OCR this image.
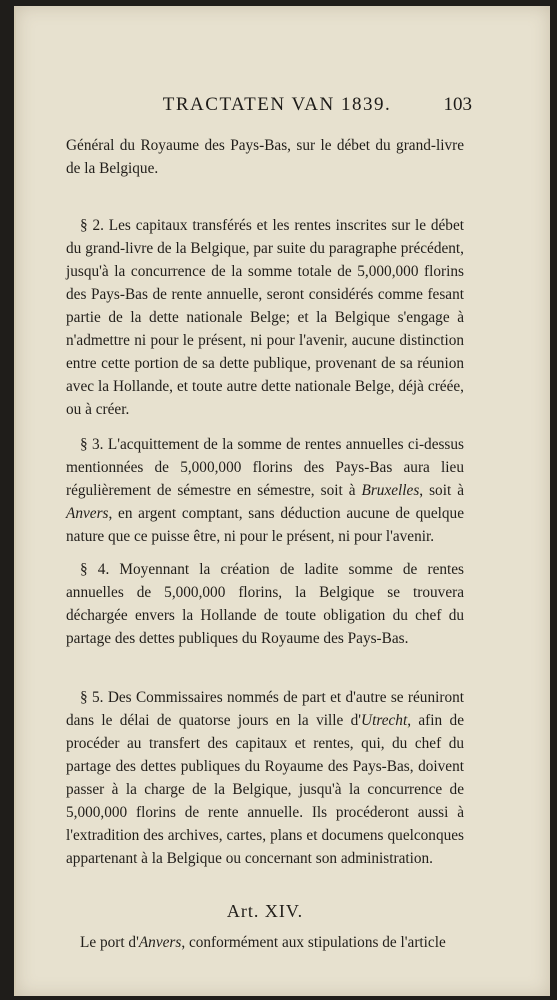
TRACTATEN VAN 1839.	103

Général du Royaume des Pays-Bas, sur le débet du grand-livre de la Belgique.

§ 2. Les capitaux transférés et les rentes inscrites sur le débet du grand-livre de la Belgique, par suite du paragraphe précédent, jusqu'à la concurrence de la somme totale de 5,000,000 florins des Pays-Bas de rente annuelle, seront considérés comme fesant partie de la dette nationale Belge; et la Belgique s'engage à n'admettre ni pour le présent, ni pour l'avenir, aucune distinction entre cette portion de sa dette publique, provenant de sa réunion avec la Hollande, et toute autre dette nationale Belge, déjà créée, ou à créer.

§ 3. L'acquittement de la somme de rentes annuelles ci-dessus mentionnées de 5,000,000 florins des Pays-Bas aura lieu régulièrement de sémestre en sémestre, soit à Bruxelles, soit à Anvers, en argent comptant, sans déduction aucune de quelque nature que ce puisse être, ni pour le présent, ni pour l'avenir.

§ 4. Moyennant la création de ladite somme de rentes annuelles de 5,000,000 florins, la Belgique se trouvera déchargée envers la Hollande de toute obligation du chef du partage des dettes publiques du Royaume des Pays-Bas.

§ 5. Des Commissaires nommés de part et d'autre se réuniront dans le délai de quatorse jours en la ville d'Utrecht, afin de procéder au transfert des capitaux et rentes, qui, du chef du partage des dettes publiques du Royaume des Pays-Bas, doivent passer à la charge de la Belgique, jusqu'à la concurrence de 5,000,000 florins de rente annuelle. Ils procéderont aussi à l'extradition des archives, cartes, plans et documens quelconques appartenant à la Belgique ou concernant son administration.

Art. XIV.

Le port d'Anvers, conformément aux stipulations de l'article
